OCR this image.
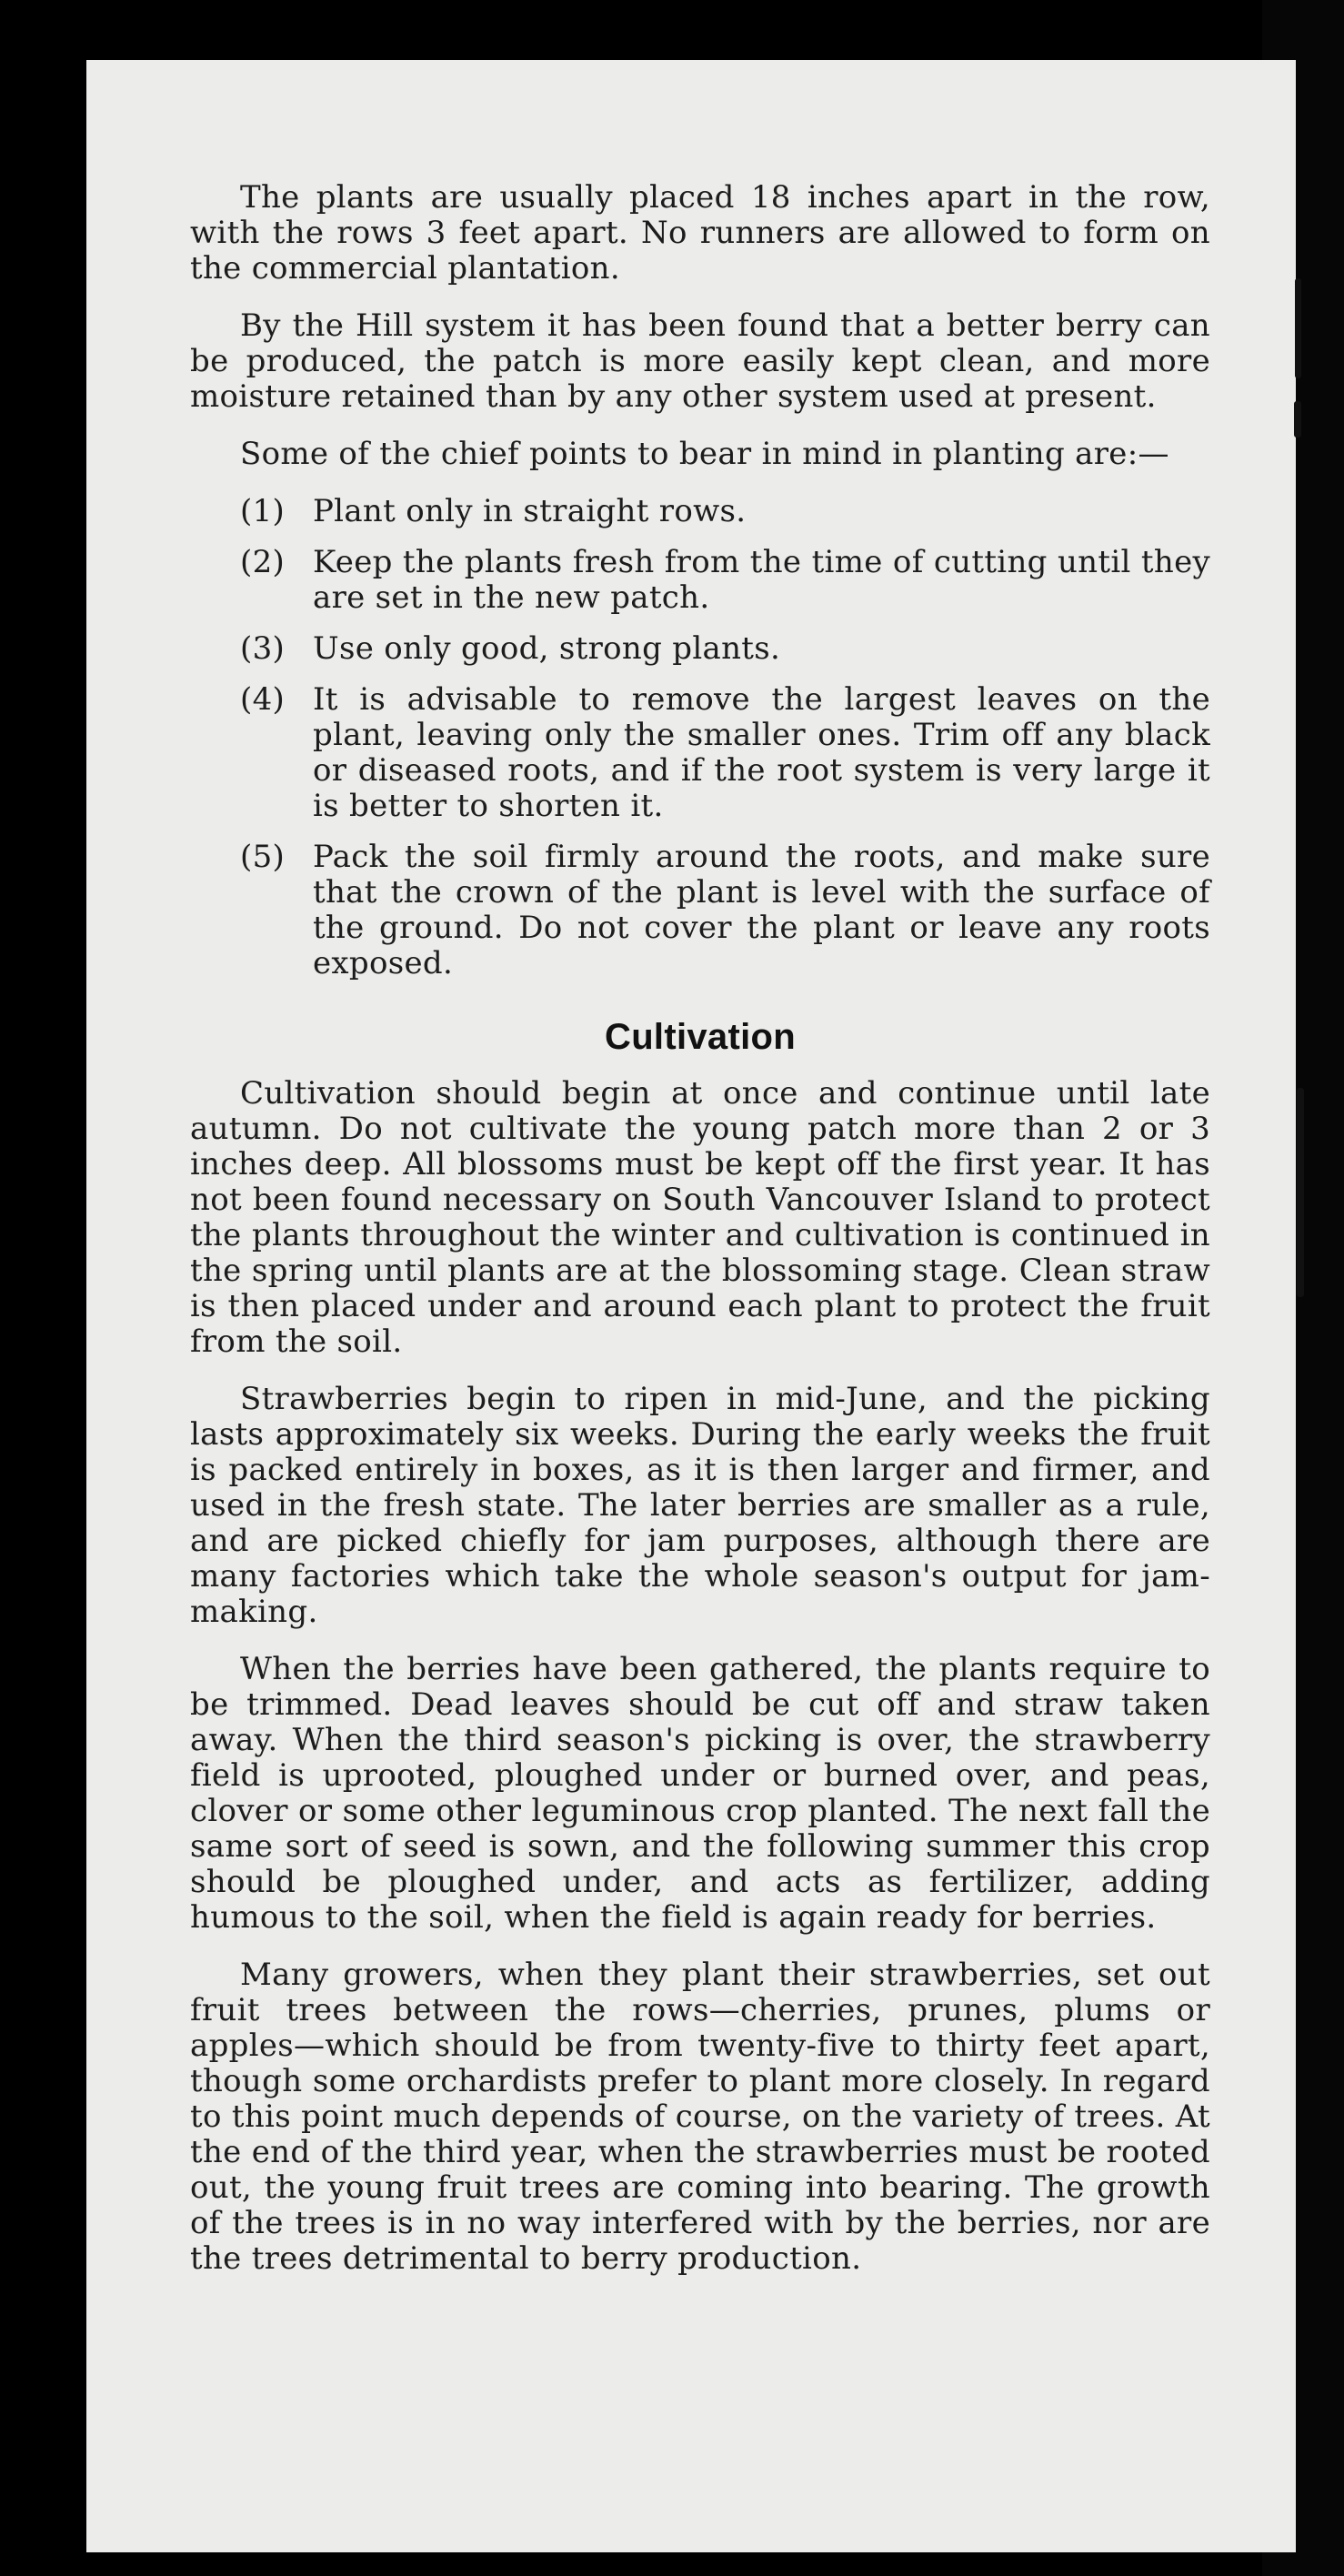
The plants are usually placed 18 inches apart in the row, with the rows 3 feet apart. No runners are allowed to form on the commercial plantation.

By the Hill system it has been found that a better berry can be produced, the patch is more easily kept clean, and more moisture retained than by any other system used at present.

Some of the chief points to bear in mind in planting are:—

(1) Plant only in straight rows.
(2) Keep the plants fresh from the time of cutting until they are set in the new patch.
(3) Use only good, strong plants.
(4) It is advisable to remove the largest leaves on the plant, leaving only the smaller ones. Trim off any black or diseased roots, and if the root system is very large it is better to shorten it.
(5) Pack the soil firmly around the roots, and make sure that the crown of the plant is level with the surface of the ground. Do not cover the plant or leave any roots exposed.
Cultivation

Cultivation should begin at once and continue until late autumn. Do not cultivate the young patch more than 2 or 3 inches deep. All blossoms must be kept off the first year. It has not been found necessary on South Vancouver Island to protect the plants throughout the winter and cultivation is continued in the spring until plants are at the blossoming stage. Clean straw is then placed under and around each plant to protect the fruit from the soil.

Strawberries begin to ripen in mid-June, and the picking lasts approximately six weeks. During the early weeks the fruit is packed entirely in boxes, as it is then larger and firmer, and used in the fresh state. The later berries are smaller as a rule, and are picked chiefly for jam purposes, although there are many factories which take the whole season's output for jam-making.

When the berries have been gathered, the plants require to be trimmed. Dead leaves should be cut off and straw taken away. When the third season's picking is over, the strawberry field is uprooted, ploughed under or burned over, and peas, clover or some other leguminous crop planted. The next fall the same sort of seed is sown, and the following summer this crop should be ploughed under, and acts as fertilizer, adding humous to the soil, when the field is again ready for berries.

Many growers, when they plant their strawberries, set out fruit trees between the rows—cherries, prunes, plums or apples—which should be from twenty-five to thirty feet apart, though some orchardists prefer to plant more closely. In regard to this point much depends of course, on the variety of trees. At the end of the third year, when the strawberries must be rooted out, the young fruit trees are coming into bearing. The growth of the trees is in no way interfered with by the berries, nor are the trees detrimental to berry production.
